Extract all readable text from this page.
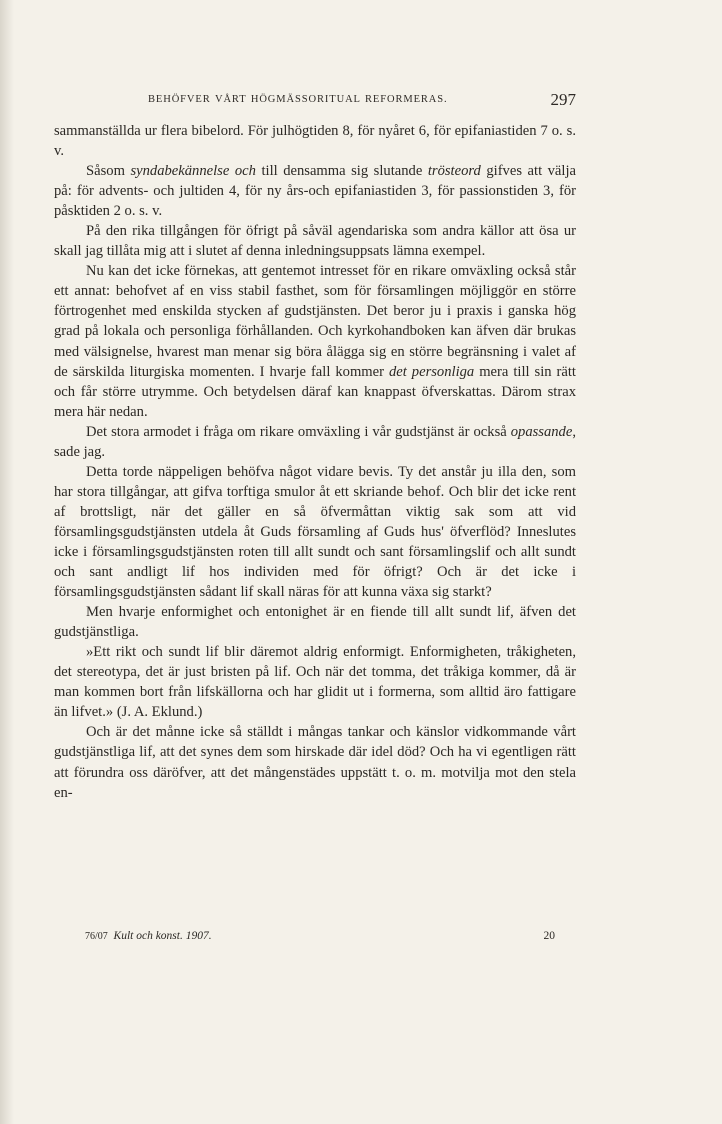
BEHÖFVER VÅRT HÖGMÄSSORITUAL REFORMERAS.	297

sammanställda ur flera bibelord. För julhögtiden 8, för nyåret 6, för epifaniastiden 7 o. s. v.

Såsom syndabekännelse och till densamma sig slutande trösteord gifves att välja på: för advents- och jultiden 4, för ny års-och epifaniastiden 3, för passionstiden 3, för påsktiden 2 o. s. v.

På den rika tillgången för öfrigt på såväl agendariska som andra källor att ösa ur skall jag tillåta mig att i slutet af denna inledningsuppsats lämna exempel.

Nu kan det icke förnekas, att gentemot intresset för en rikare omväxling också står ett annat: behofvet af en viss stabil fasthet, som för församlingen möjliggör en större förtrogenhet med enskilda stycken af gudstjänsten. Det beror ju i praxis i ganska hög grad på lokala och personliga förhållanden. Och kyrkohandboken kan äfven där brukas med välsignelse, hvarest man menar sig böra ålägga sig en större begränsning i valet af de särskilda liturgiska momenten. I hvarje fall kommer det personliga mera till sin rätt och får större utrymme. Och betydelsen däraf kan knappast öfverskattas. Därom strax mera här nedan.

Det stora armodet i fråga om rikare omväxling i vår gudstjänst är också opassande, sade jag.

Detta torde näppeligen behöfva något vidare bevis. Ty det anstår ju illa den, som har stora tillgångar, att gifva torftiga smulor åt ett skriande behof. Och blir det icke rent af brottsligt, när det gäller en så öfvermåttan viktig sak som att vid församlingsgudstjänsten utdela åt Guds församling af Guds hus' öfverflöd? Inneslutes icke i församlingsgudstjänsten roten till allt sundt och sant församlingslif och allt sundt och sant andligt lif hos individen med för öfrigt? Och är det icke i församlingsgudstjänsten sådant lif skall näras för att kunna växa sig starkt?

Men hvarje enformighet och entonighet är en fiende till allt sundt lif, äfven det gudstjänstliga.

»Ett rikt och sundt lif blir däremot aldrig enformigt. Enformigheten, tråkigheten, det stereotypa, det är just bristen på lif. Och när det tomma, det tråkiga kommer, då är man kommen bort från lifskällorna och har glidit ut i formerna, som alltid äro fattigare än lifvet.» (J. A. Eklund.)

Och är det månne icke så ställdt i mångas tankar och känslor vidkommande vårt gudstjänstliga lif, att det synes dem som hirskade där idel död? Och ha vi egentligen rätt att förundra oss däröfver, att det mångenstädes uppstätt t. o. m. motvilja mot den stela en-

76/07 Kult och konst. 1907.	20
